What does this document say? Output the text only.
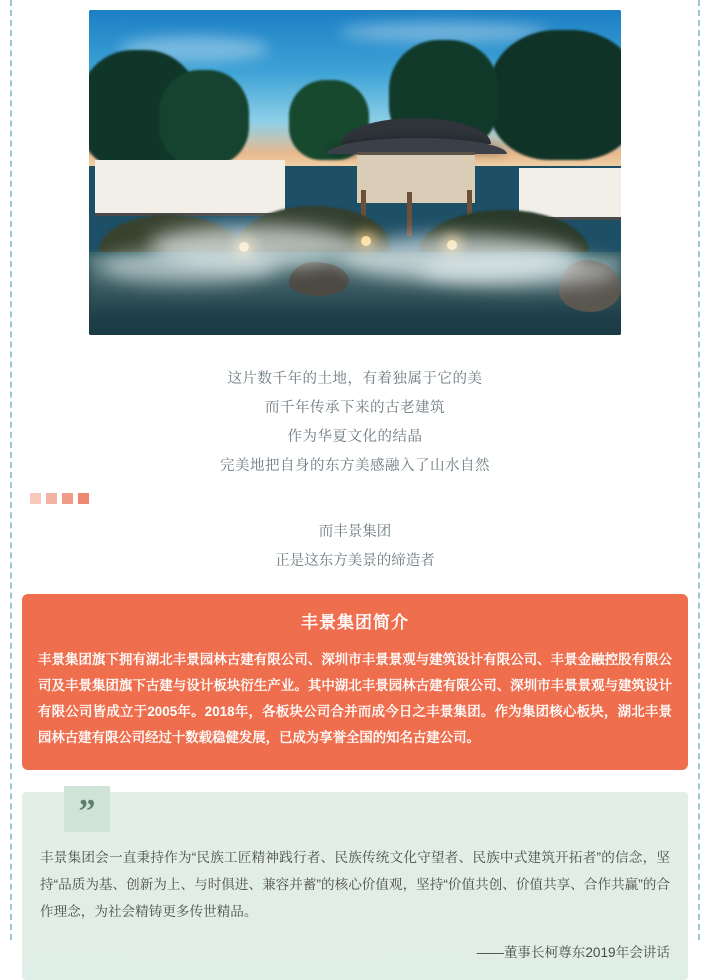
这片数千年的土地，有着独属于它的美
而千年传承下来的古老建筑
作为华夏文化的结晶
完美地把自身的东方美感融入了山水自然
而丰景集团
正是这东方美景的缔造者
丰景集团简介
丰景集团旗下拥有湖北丰景园林古建有限公司、深圳市丰景景观与建筑设计有限公司、丰景金融控股有限公司及丰景集团旗下古建与设计板块衍生产业。其中湖北丰景园林古建有限公司、深圳市丰景景观与建筑设计有限公司皆成立于2005年。2018年，各板块公司合并而成今日之丰景集团。作为集团核心板块，湖北丰景园林古建有限公司经过十数载稳健发展，已成为享誉全国的知名古建公司。
”
丰景集团会一直秉持作为“民族工匠精神践行者、民族传统文化守望者、民族中式建筑开拓者”的信念，坚持“品质为基、创新为上、与时俱进、兼容并蓄”的核心价值观，坚持“价值共创、价值共享、合作共赢”的合作理念，为社会精铸更多传世精品。
——董事长柯尊东2019年会讲话
